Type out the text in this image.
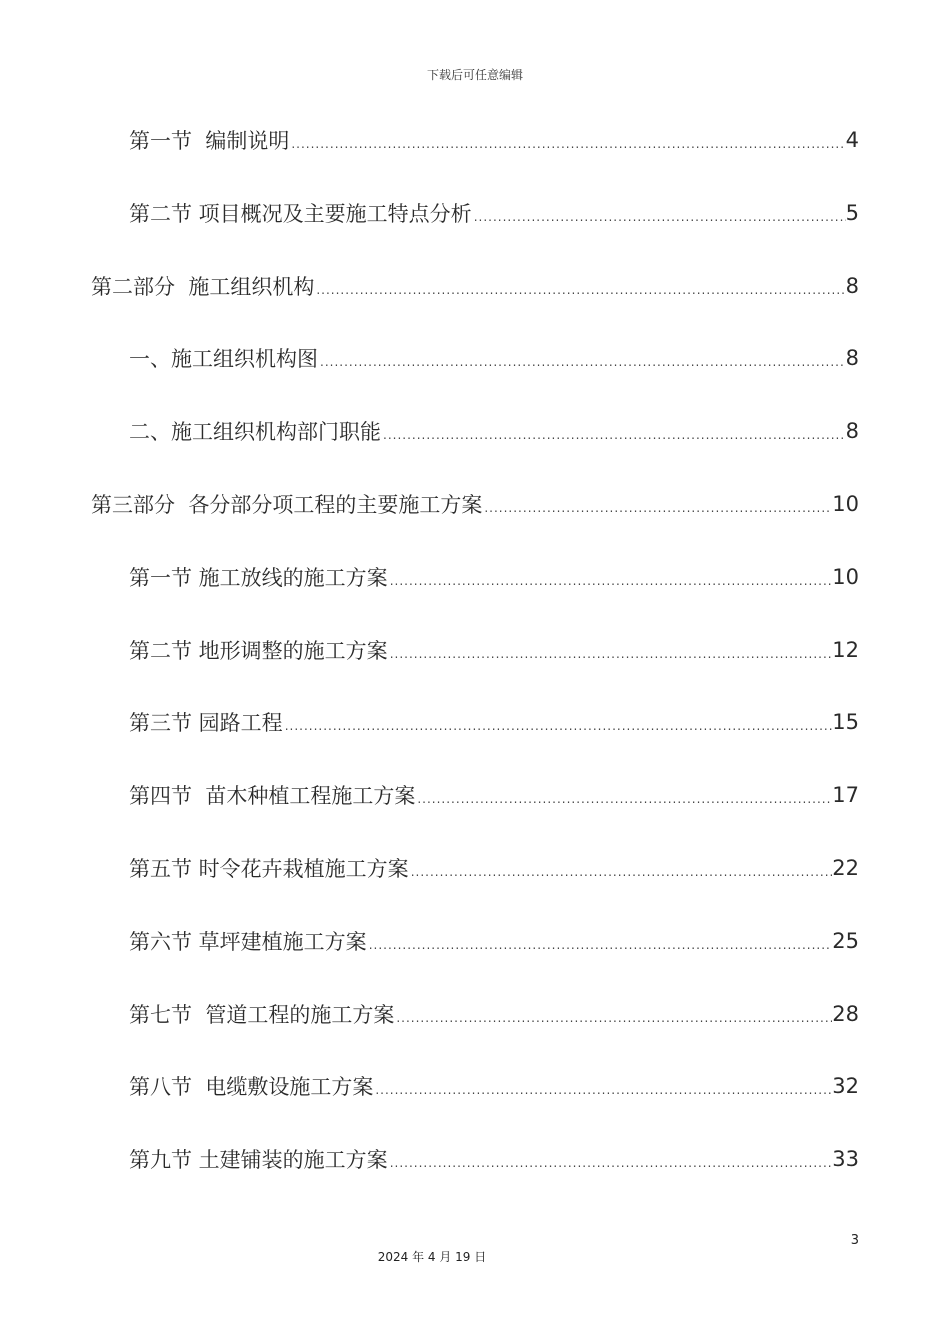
下载后可任意编辑
第一节  编制说明 .....	4
第二节 项目概况及主要施工特点分析 .....	5
第二部分  施工组织机构 .....	8
一、施工组织机构图 .....	8
二、施工组织机构部门职能 .....	8
第三部分  各分部分项工程的主要施工方案 .....	10
第一节 施工放线的施工方案 .....	10
第二节 地形调整的施工方案 .....	12
第三节 园路工程 .....	15
第四节  苗木种植工程施工方案 .....	17
第五节 时令花卉栽植施工方案 .....	22
第六节 草坪建植施工方案 .....	25
第七节  管道工程的施工方案 .....	28
第八节  电缆敷设施工方案 .....	32
第九节 土建铺装的施工方案 .....	33
3
2024 年 4 月 19 日
